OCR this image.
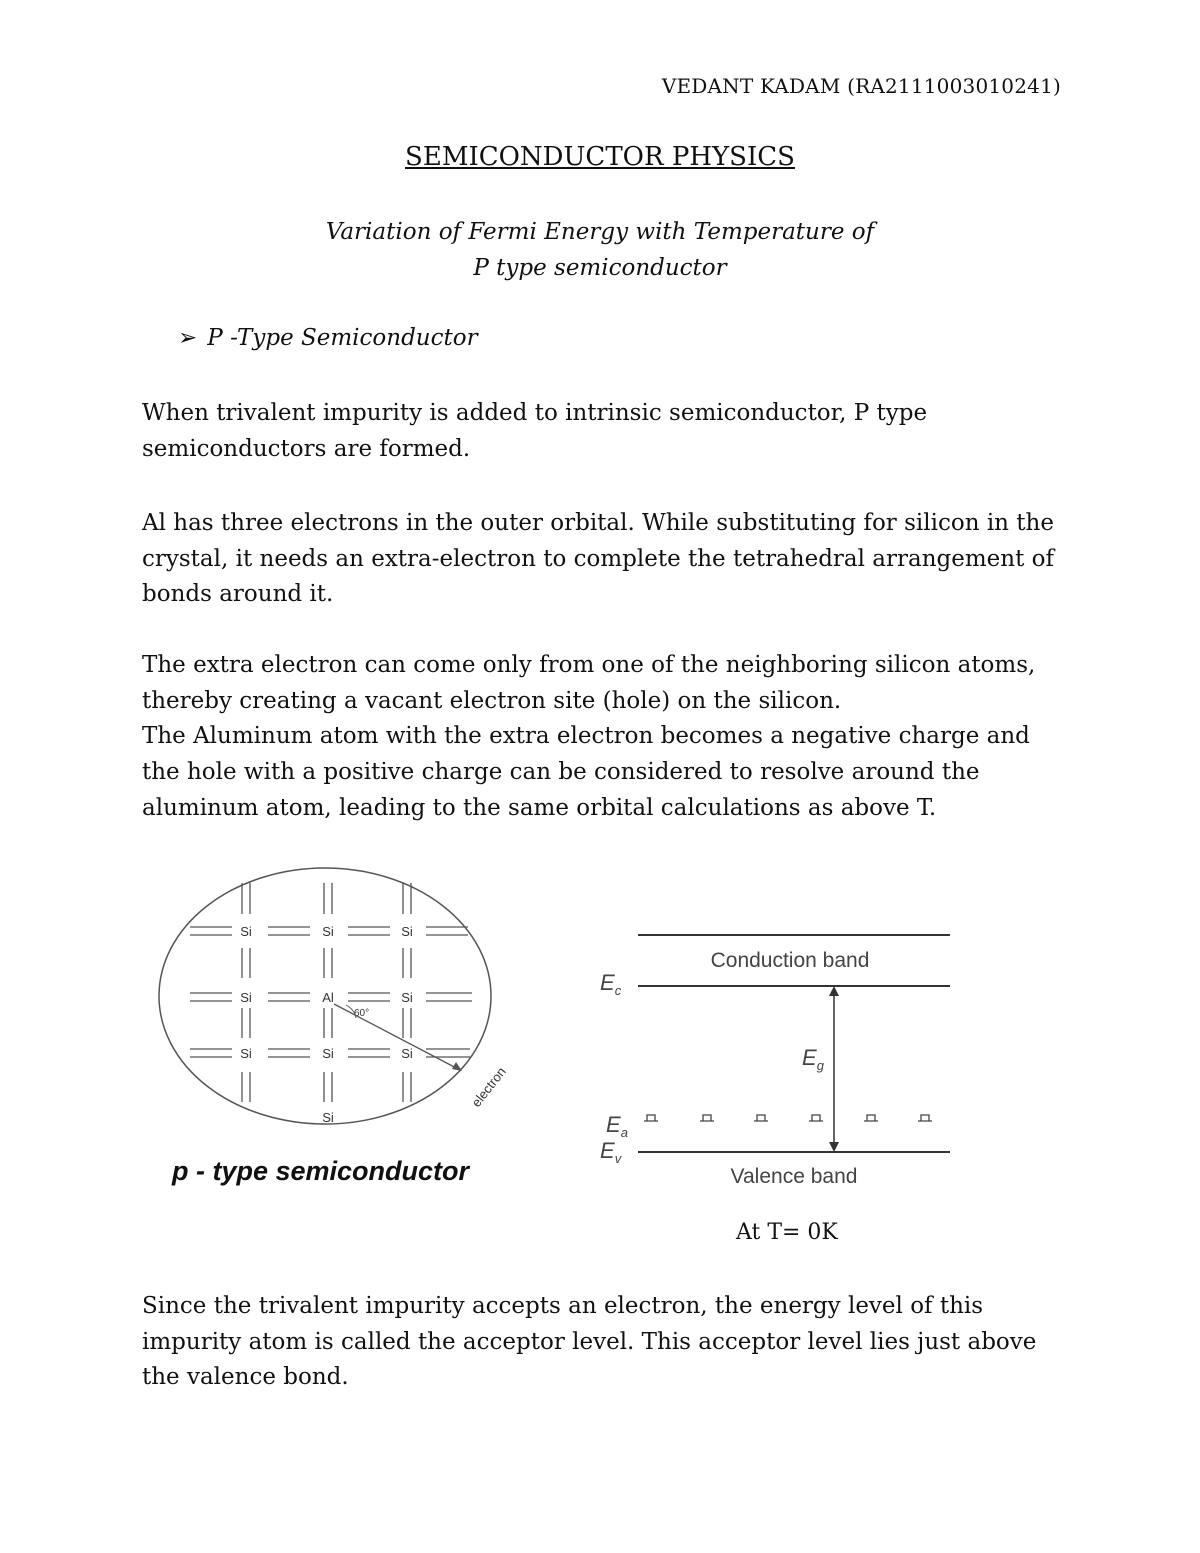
VEDANT KADAM (RA2111003010241)
SEMICONDUCTOR PHYSICS
Variation of Fermi Energy with Temperature of
P type semiconductor
➢ P -Type Semiconductor

When trivalent impurity is added to intrinsic semiconductor, P type semiconductors are formed.

Al has three electrons in the outer orbital. While substituting for silicon in the crystal, it needs an extra-electron to complete the tetrahedral arrangement of bonds around it.

The extra electron can come only from one of the neighboring silicon atoms, thereby creating a vacant electron site (hole) on the silicon.

The Aluminum atom with the extra electron becomes a negative charge and the hole with a positive charge can be considered to resolve around the aluminum atom, leading to the same orbital calculations as above T.

Si	Si	Si
Si	Al	Si
Si	Si	Si
Si
60°
electron
p - type semiconductor
Conduction band
$E_c$
$E_g$
$E_a$
$E_v$
Valence band
At T= 0K

Since the trivalent impurity accepts an electron, the energy level of this impurity atom is called the acceptor level. This acceptor level lies just above the valence bond.
